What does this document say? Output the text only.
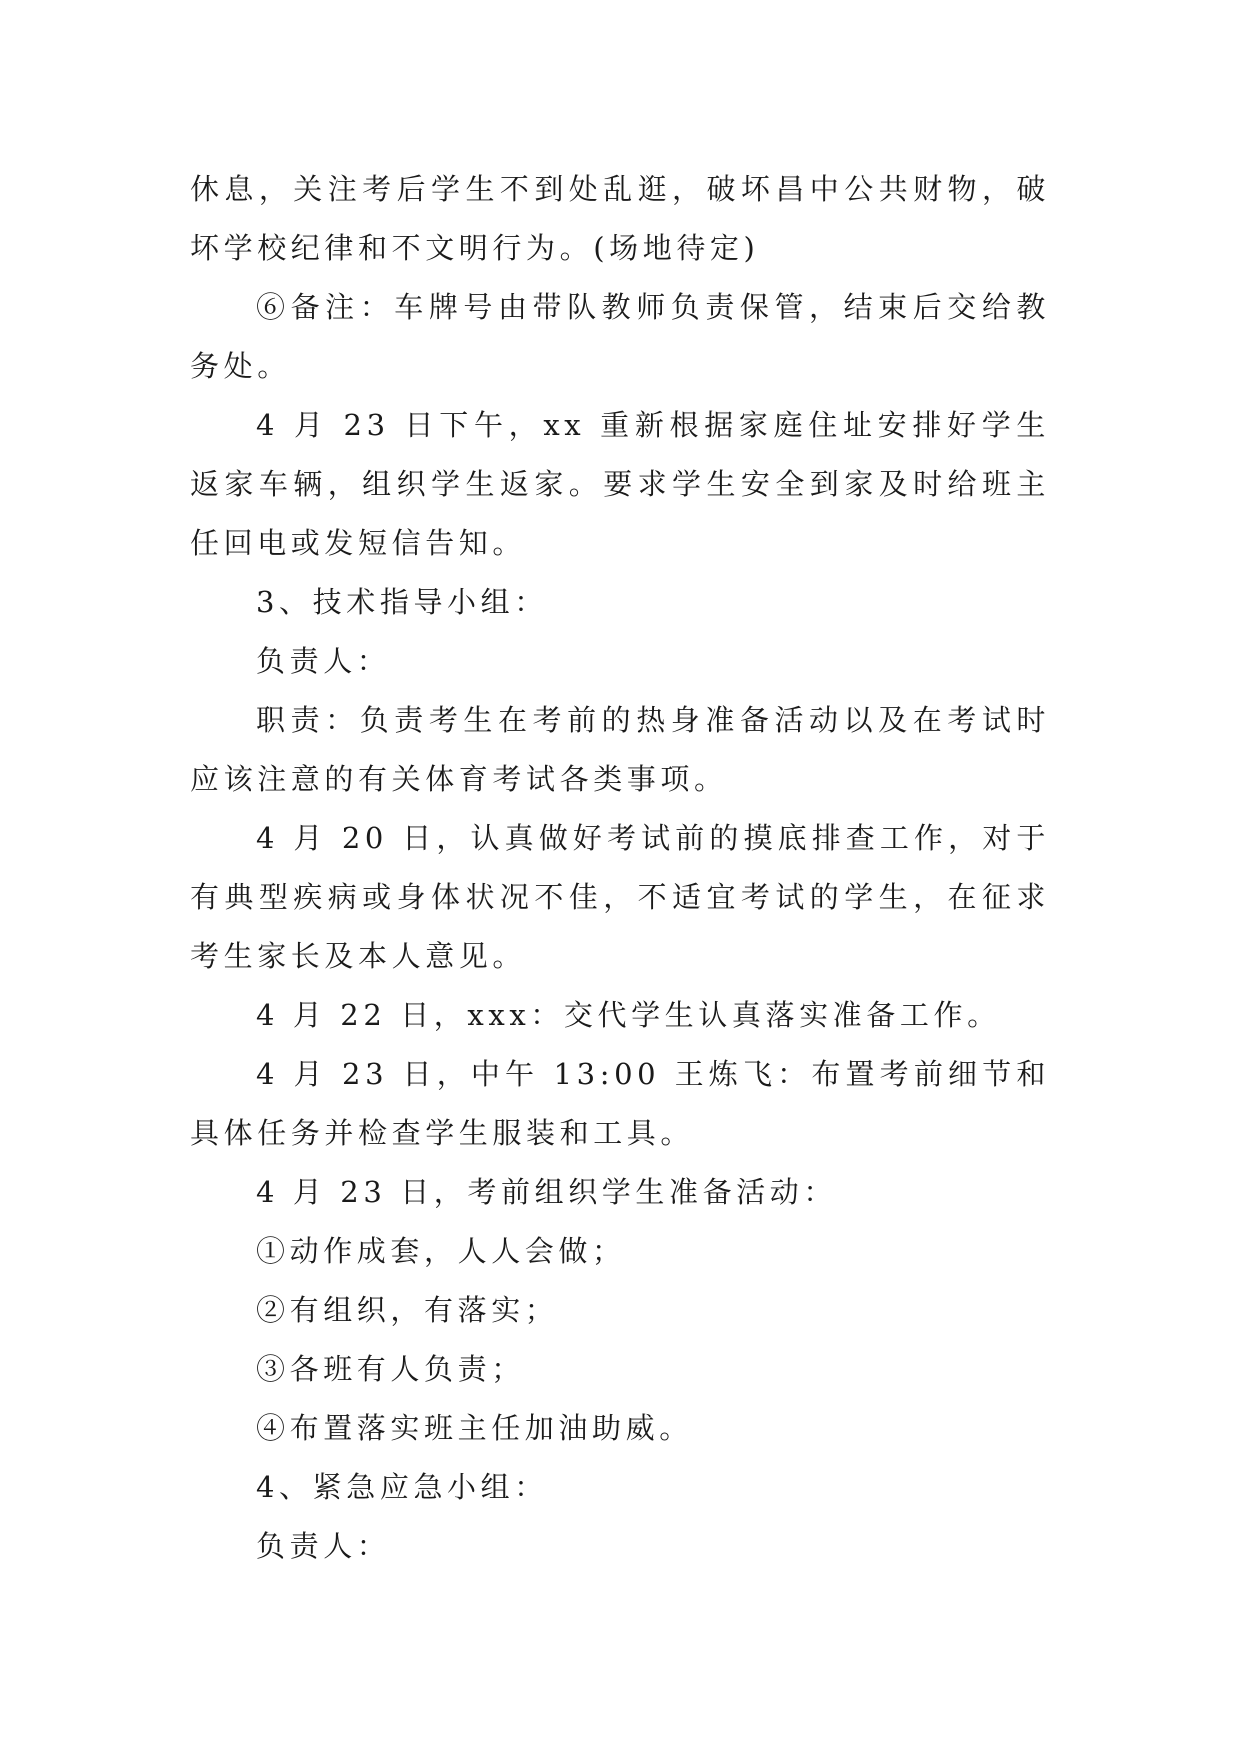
休息，关注考后学生不到处乱逛，破坏昌中公共财物，破坏学校纪律和不文明行为。(场地待定)

⑥备注：车牌号由带队教师负责保管，结束后交给教务处。

4 月 23 日下午，xx 重新根据家庭住址安排好学生返家车辆，组织学生返家。要求学生安全到家及时给班主任回电或发短信告知。

3、技术指导小组：

负责人：

职责：负责考生在考前的热身准备活动以及在考试时应该注意的有关体育考试各类事项。

4 月 20 日，认真做好考试前的摸底排查工作，对于有典型疾病或身体状况不佳，不适宜考试的学生，在征求考生家长及本人意见。

4 月 22 日，xxx：交代学生认真落实准备工作。

4 月 23 日，中午 13:00 王炼飞：布置考前细节和具体任务并检查学生服装和工具。

4 月 23 日，考前组织学生准备活动：

①动作成套，人人会做；

②有组织，有落实；

③各班有人负责；

④布置落实班主任加油助威。

4、紧急应急小组：

负责人：
